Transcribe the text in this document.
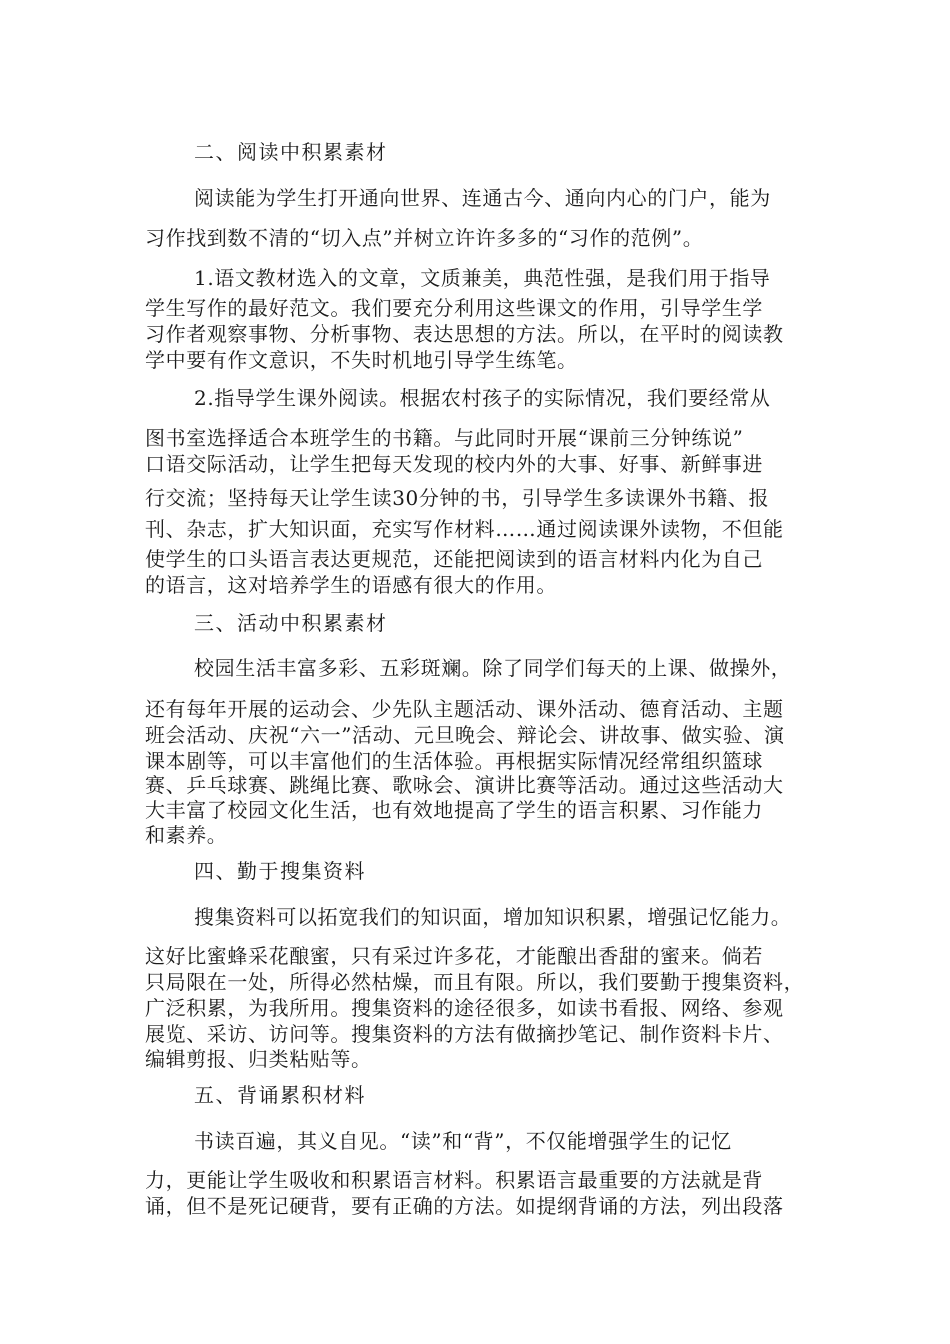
二、阅读中积累素材
阅读能为学生打开通向世界、连通古今、通向内心的门户，能为
习作找到数不清的“切入点”并树立许许多多的“习作的范例”。
1.语文教材选入的文章，文质兼美，典范性强，是我们用于指导
学生写作的最好范文。我们要充分利用这些课文的作用，引导学生学
习作者观察事物、分析事物、表达思想的方法。所以，在平时的阅读教
学中要有作文意识，不失时机地引导学生练笔。
2.指导学生课外阅读。根据农村孩子的实际情况，我们要经常从
图书室选择适合本班学生的书籍。与此同时开展“课前三分钟练说”
口语交际活动，让学生把每天发现的校内外的大事、好事、新鲜事进
行交流；坚持每天让学生读30分钟的书，引导学生多读课外书籍、报
刊、杂志，扩大知识面，充实写作材料……通过阅读课外读物，不但能
使学生的口头语言表达更规范，还能把阅读到的语言材料内化为自己
的语言，这对培养学生的语感有很大的作用。
三、活动中积累素材
校园生活丰富多彩、五彩斑斓。除了同学们每天的上课、做操外，
还有每年开展的运动会、少先队主题活动、课外活动、德育活动、主题
班会活动、庆祝“六一”活动、元旦晚会、辩论会、讲故事、做实验、演
课本剧等，可以丰富他们的生活体验。再根据实际情况经常组织篮球
赛、乒乓球赛、跳绳比赛、歌咏会、演讲比赛等活动。通过这些活动大
大丰富了校园文化生活，也有效地提高了学生的语言积累、习作能力
和素养。
四、勤于搜集资料
搜集资料可以拓宽我们的知识面，增加知识积累，增强记忆能力。
这好比蜜蜂采花酿蜜，只有采过许多花，才能酿出香甜的蜜来。倘若
只局限在一处，所得必然枯燥，而且有限。所以，我们要勤于搜集资料，
广泛积累，为我所用。搜集资料的途径很多，如读书看报、网络、参观
展览、采访、访问等。搜集资料的方法有做摘抄笔记、制作资料卡片、
编辑剪报、归类粘贴等。
五、背诵累积材料
书读百遍，其义自见。“读”和“背”，不仅能增强学生的记忆
力，更能让学生吸收和积累语言材料。积累语言最重要的方法就是背
诵，但不是死记硬背，要有正确的方法。如提纲背诵的方法，列出段落
